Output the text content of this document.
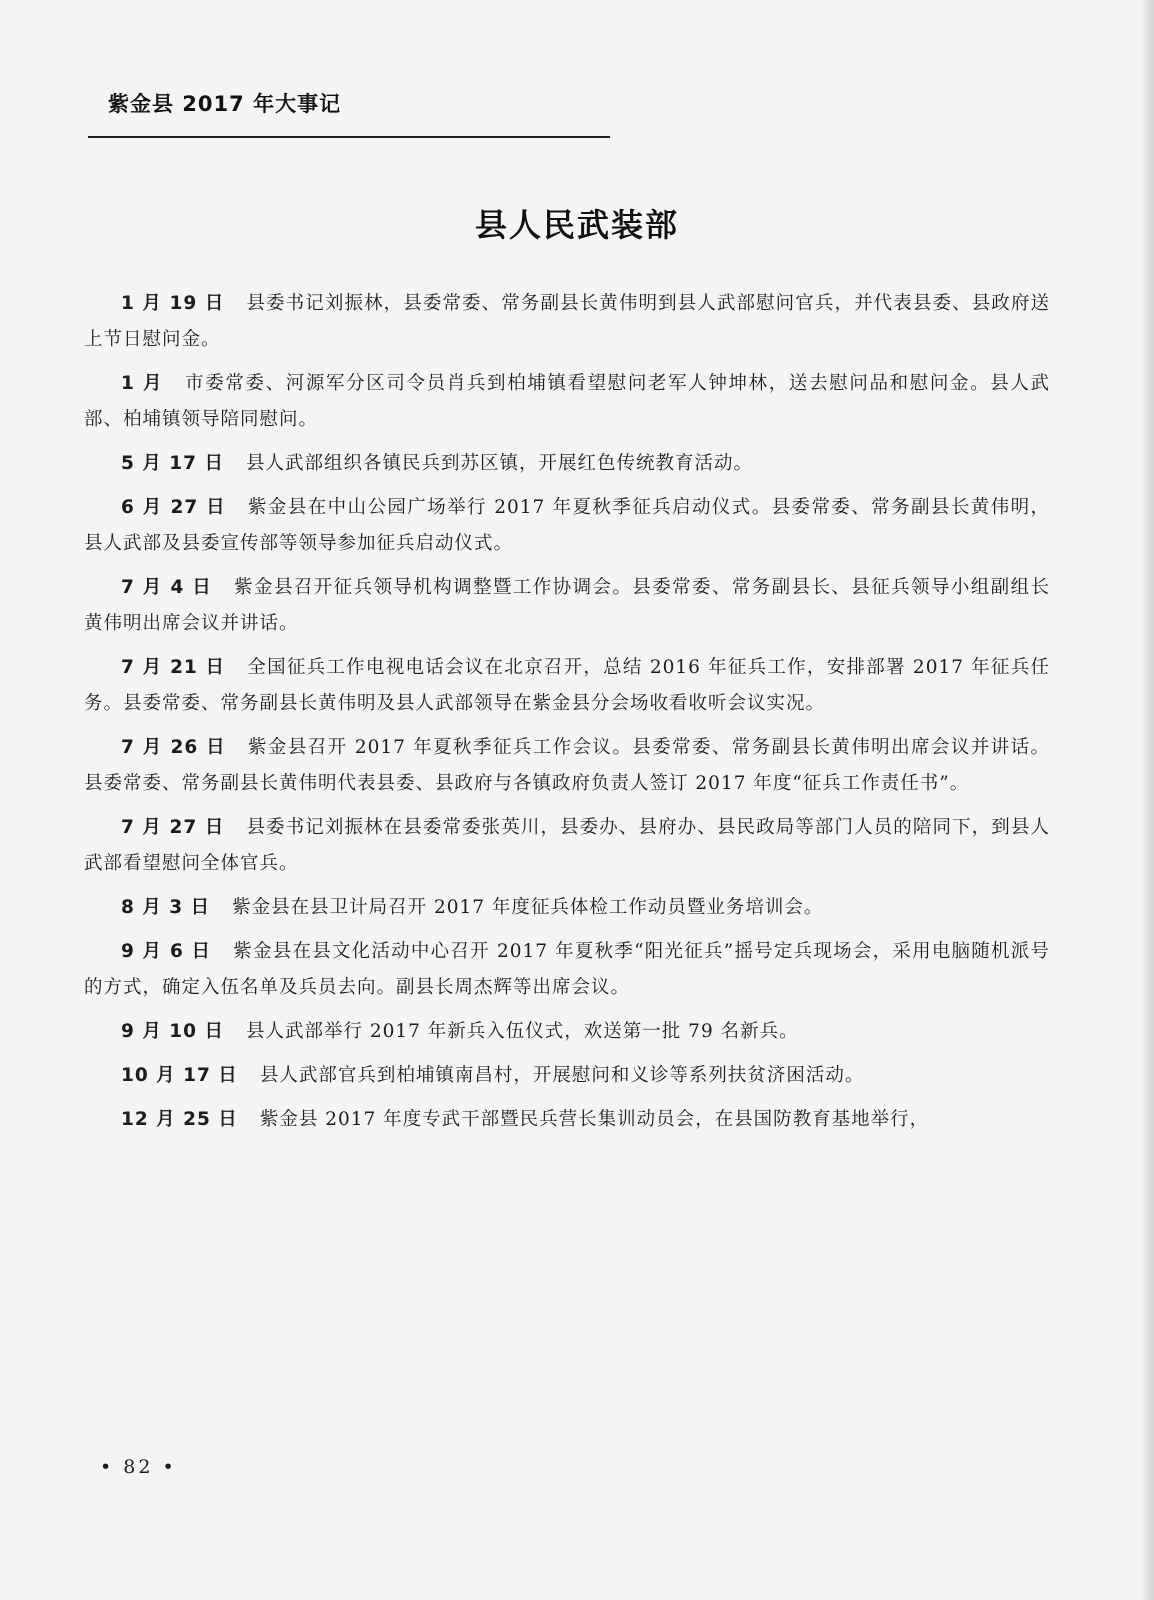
紫金县 2017 年大事记
县人民武装部

1 月 19 日 县委书记刘振林，县委常委、常务副县长黄伟明到县人武部慰问官兵，并代表县委、县政府送上节日慰问金。

1 月 市委常委、河源军分区司令员肖兵到柏埔镇看望慰问老军人钟坤林，送去慰问品和慰问金。县人武部、柏埔镇领导陪同慰问。

5 月 17 日 县人武部组织各镇民兵到苏区镇，开展红色传统教育活动。

6 月 27 日 紫金县在中山公园广场举行 2017 年夏秋季征兵启动仪式。县委常委、常务副县长黄伟明，县人武部及县委宣传部等领导参加征兵启动仪式。

7 月 4 日 紫金县召开征兵领导机构调整暨工作协调会。县委常委、常务副县长、县征兵领导小组副组长黄伟明出席会议并讲话。

7 月 21 日 全国征兵工作电视电话会议在北京召开，总结 2016 年征兵工作，安排部署 2017 年征兵任务。县委常委、常务副县长黄伟明及县人武部领导在紫金县分会场收看收听会议实况。

7 月 26 日 紫金县召开 2017 年夏秋季征兵工作会议。县委常委、常务副县长黄伟明出席会议并讲话。县委常委、常务副县长黄伟明代表县委、县政府与各镇政府负责人签订 2017 年度“征兵工作责任书”。

7 月 27 日 县委书记刘振林在县委常委张英川，县委办、县府办、县民政局等部门人员的陪同下，到县人武部看望慰问全体官兵。

8 月 3 日 紫金县在县卫计局召开 2017 年度征兵体检工作动员暨业务培训会。

9 月 6 日 紫金县在县文化活动中心召开 2017 年夏秋季“阳光征兵”摇号定兵现场会，采用电脑随机派号的方式，确定入伍名单及兵员去向。副县长周杰辉等出席会议。

9 月 10 日 县人武部举行 2017 年新兵入伍仪式，欢送第一批 79 名新兵。

10 月 17 日 县人武部官兵到柏埔镇南昌村，开展慰问和义诊等系列扶贫济困活动。

12 月 25 日 紫金县 2017 年度专武干部暨民兵营长集训动员会，在县国防教育基地举行，

• 82 •
